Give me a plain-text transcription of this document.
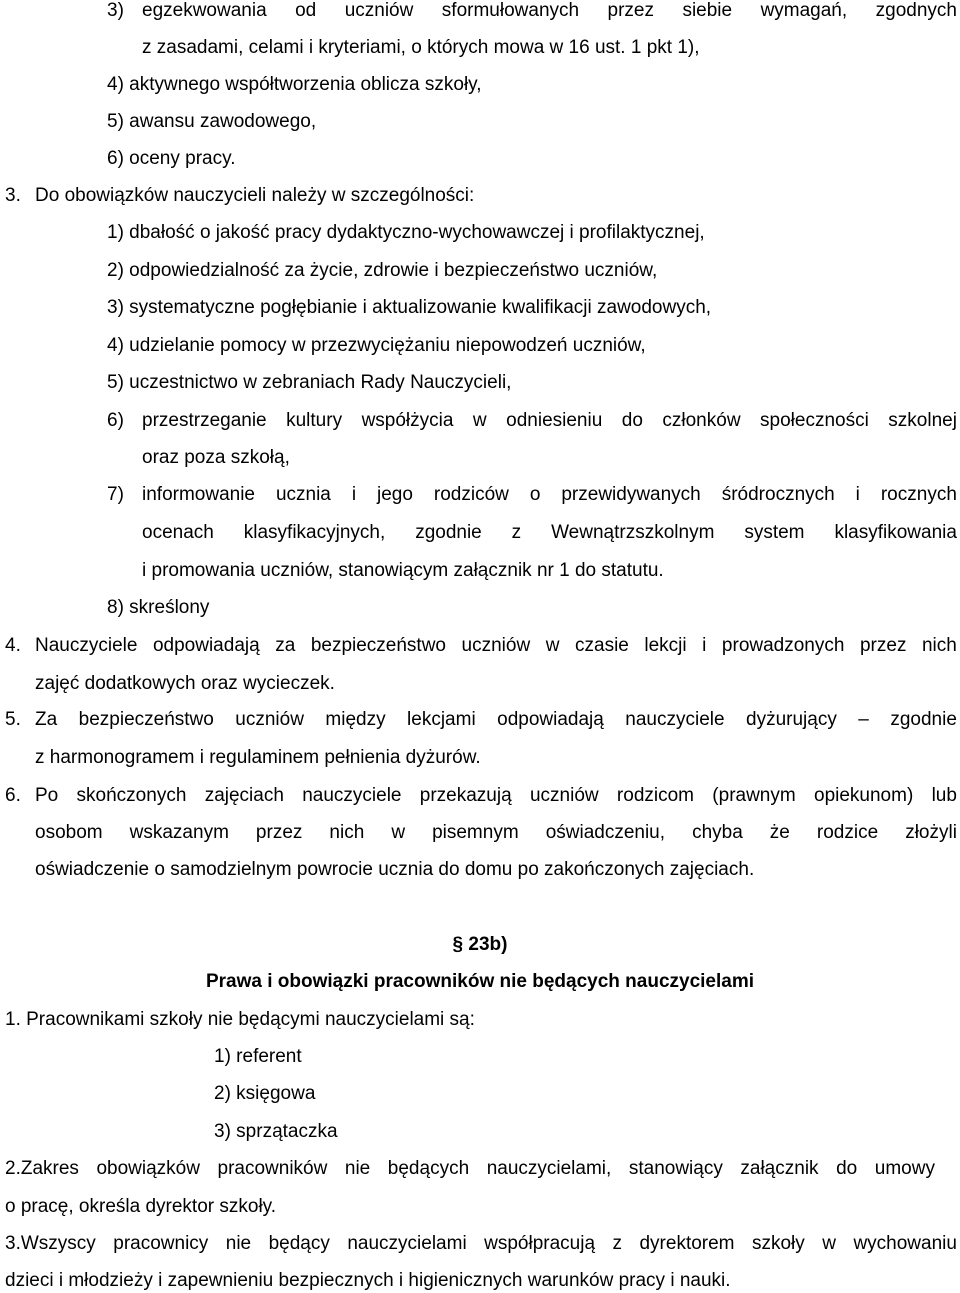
3) egzekwowania od uczniów sformułowanych przez siebie wymagań, zgodnych
z zasadami, celami i kryteriami, o których mowa w 16 ust. 1 pkt 1),
4) aktywnego współtworzenia oblicza szkoły,
5) awansu zawodowego,
6) oceny pracy.
3. Do obowiązków nauczycieli należy w szczególności:
1) dbałość o jakość pracy dydaktyczno-wychowawczej i profilaktycznej,
2) odpowiedzialność za życie, zdrowie i bezpieczeństwo uczniów,
3) systematyczne pogłębianie i aktualizowanie kwalifikacji zawodowych,
4) udzielanie pomocy w przezwyciężaniu niepowodzeń uczniów,
5) uczestnictwo w zebraniach Rady Nauczycieli,
6) przestrzeganie kultury współżycia w odniesieniu do członków społeczności szkolnej
oraz poza szkołą,
7) informowanie ucznia i jego rodziców o przewidywanych śródrocznych i rocznych
ocenach klasyfikacyjnych, zgodnie z Wewnątrzszkolnym system klasyfikowania
i promowania uczniów, stanowiącym załącznik nr 1 do statutu.
8) skreślony
4. Nauczyciele odpowiadają za bezpieczeństwo uczniów w czasie lekcji i prowadzonych przez nich
zajęć dodatkowych oraz wycieczek.
5. Za bezpieczeństwo uczniów między lekcjami odpowiadają nauczyciele dyżurujący – zgodnie
z harmonogramem i regulaminem pełnienia dyżurów.
6. Po skończonych zajęciach nauczyciele przekazują uczniów rodzicom (prawnym opiekunom) lub
osobom wskazanym przez nich w pisemnym oświadczeniu, chyba że rodzice złożyli
oświadczenie o samodzielnym powrocie ucznia do domu po zakończonych zajęciach.
§ 23b)
Prawa i obowiązki pracowników nie będących nauczycielami
1. Pracownikami szkoły nie będącymi nauczycielami są:
1) referent
2) księgowa
3) sprzątaczka
2.Zakres obowiązków pracowników nie będących nauczycielami, stanowiący załącznik do umowy
o pracę, określa dyrektor szkoły.
3.Wszyscy pracownicy nie będący nauczycielami współpracują z dyrektorem szkoły w wychowaniu
dzieci i młodzieży i zapewnieniu bezpiecznych i higienicznych warunków pracy i nauki.
